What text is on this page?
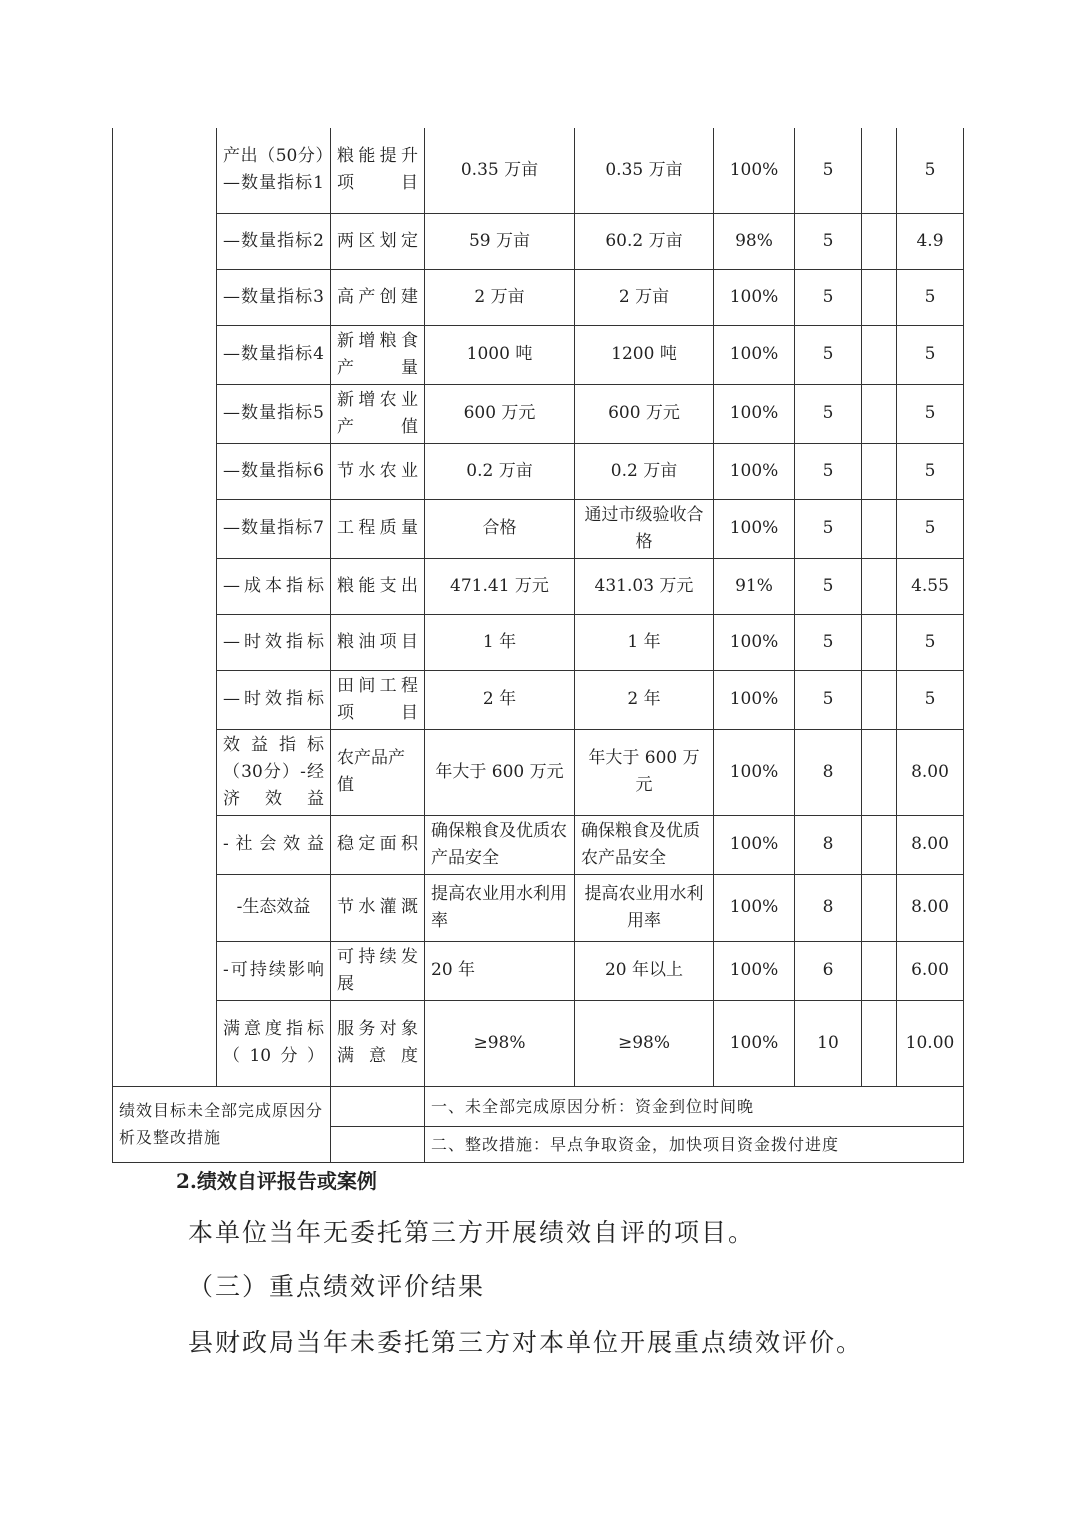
	产出（50分）—数量指标1	粮能提升项目	0.35 万亩	0.35 万亩	100%	5		5
	—数量指标2	两区划定	59 万亩	60.2 万亩	98%	5		4.9
	—数量指标3	高产创建	2 万亩	2 万亩	100%	5		5
	—数量指标4	新增粮食产量	1000 吨	1200 吨	100%	5		5
	—数量指标5	新增农业产值	600 万元	600 万元	100%	5		5
	—数量指标6	节水农业	0.2 万亩	0.2 万亩	100%	5		5
	—数量指标7	工程质量	合格	通过市级验收合格	100%	5		5
	—成本指标	粮能支出	471.41 万元	431.03 万元	91%	5		4.55
	—时效指标	粮油项目	1 年	1 年	100%	5		5
	—时效指标	田间工程项目	2 年	2 年	100%	5		5
	效益指标（30分）-经济效益	农产品产值	年大于 600 万元	年大于 600 万元	100%	8		8.00
	-社会效益	稳定面积	确保粮食及优质农产品安全	确保粮食及优质农产品安全	100%	8		8.00
	-生态效益	节水灌溉	提高农业用水利用率	提高农业用水利用率	100%	8		8.00
	-可持续影响	可持续发展	20 年	20 年以上	100%	6		6.00
	满意度指标（10分）	服务对象满意度	≥98%	≥98%	100%	10		10.00
绩效目标未全部完成原因分析及整改措施			一、未全部完成原因分析：资金到位时间晚					
			二、整改措施：早点争取资金，加快项目资金拨付进度					
2.绩效自评报告或案例
本单位当年无委托第三方开展绩效自评的项目。
（三）重点绩效评价结果
县财政局当年未委托第三方对本单位开展重点绩效评价。
